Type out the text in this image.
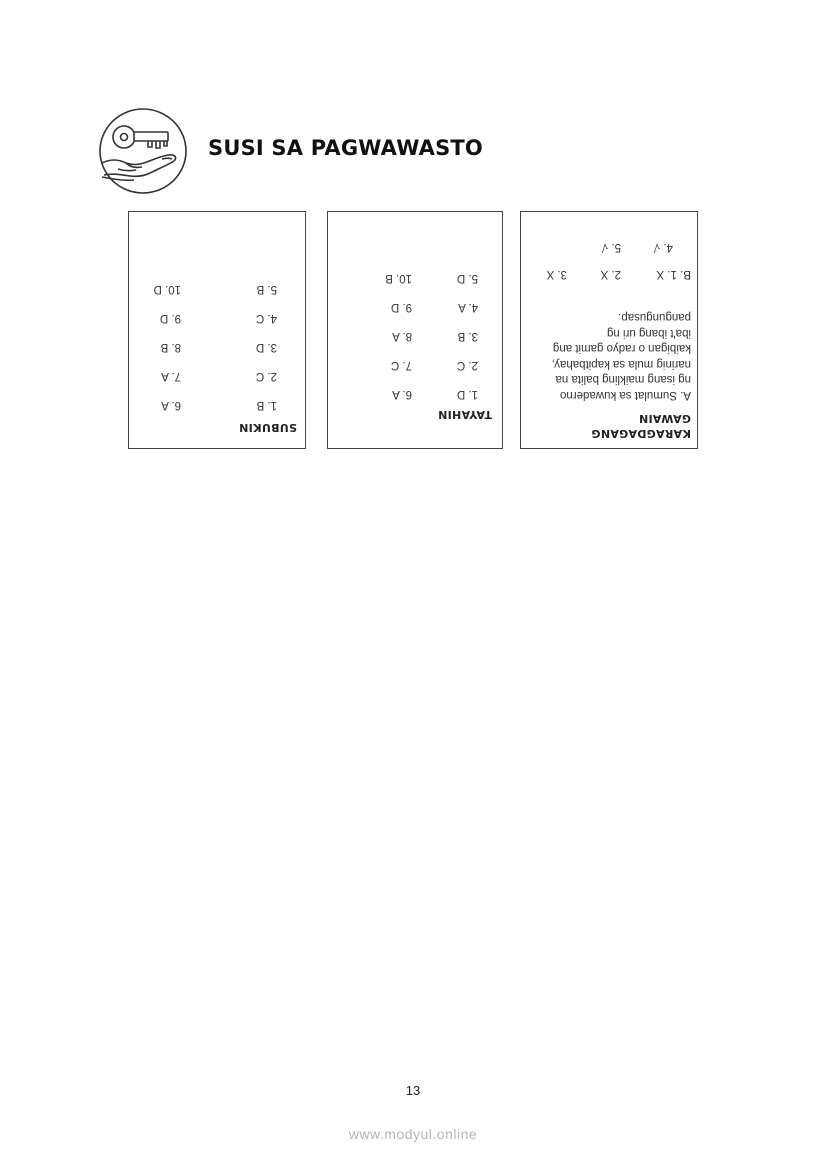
SUSI SA PAGWAWASTO
SUBUKIN
1. B
2. C
3. D
4. C
5. B
6. A
7. A
8. B
9. D
10. D
TAYAHIN
1. D
2. C
3. B
4. A
5. D
6. A
7. C
8. A
9. D
10. B
KARAGDAGANG
GAWAIN
A. Sumulat sa kuwaderno
ng isang maikling balita na
narinig mula sa kapitbahay,
kaibigan o radyo gamit ang
iba't ibang uri ng
pangungusap.
B. 1. X
2. X
3. X
4. √
5. √
13
www.modyul.online
